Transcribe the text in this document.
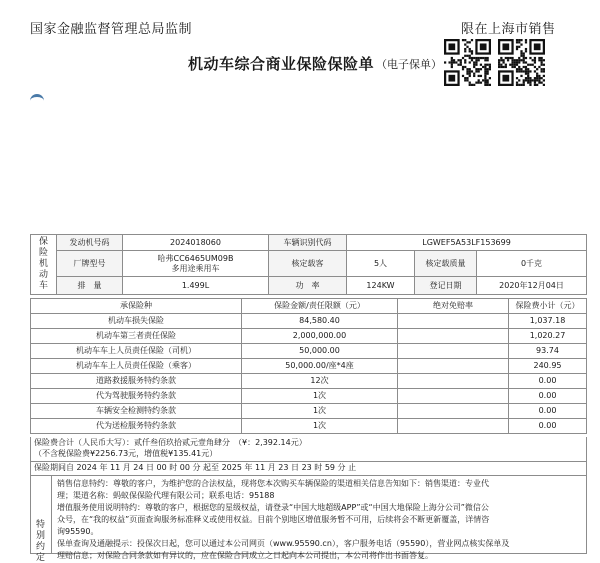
国家金融监督管理总局监制	限在上海市销售
机动车综合商业保险保险单 （电子保单）
保
险
机
动
车	发动机号码	2024018060	车辆识别代码	LGWEF5A53LF153699		
	厂牌型号	哈弗CC6465UM09B
多用途乘用车	核定载客	5人	核定载质量	0千克
	排　量	1.499L	功　率	124KW	登记日期	2020年12月04日
承保险种	保险金额/责任限额（元）	绝对免赔率	保险费小计（元）
机动车损失保险	84,580.40		1,037.18
机动车第三者责任保险	2,000,000.00		1,020.27
机动车车上人员责任保险（司机）	50,000.00		93.74
机动车车上人员责任保险（乘客）	50,000.00/座*4座		240.95
道路救援服务特约条款	12次		0.00
代为驾驶服务特约条款	1次		0.00
车辆安全检测特约条款	1次		0.00
代为送检服务特约条款	1次		0.00
保险费合计（人民币大写）：贰仟叁佰玖拾贰元壹角肆分　（¥：2,392.14元）
（不含税保险费¥2256.73元，增值税¥135.41元）
保险期间自 2024 年 11 月 24 日 00 时 00 分 起至 2025 年 11 月 23 日 23 时 59 分 止
特
别
约
定
销售信息特约：尊敬的客户，为维护您的合法权益，现将您本次购买车辆保险的渠道相关信息告知如下：销售渠道：专业代
理；渠道名称：蚂蚁保保险代理有限公司；联系电话：95188
增值服务使用说明特约：尊敬的客户，根据您的星级权益，请登录“中国大地超级APP”或“中国大地保险上海分公司”微信公
众号，在“我的权益”页面查询服务标准释义或使用权益。目前个别地区增值服务暂不可用，后续将会不断更新覆盖，详情咨
询95590。
保单查询及通融提示：投保次日起，您可以通过本公司网页（www.95590.cn），客户服务电话（95590），营业网点核实保单及
理赔信息；对保险合同条款如有异议的，应在保险合同成立之日起向本公司提出，本公司将作出书面答复。
